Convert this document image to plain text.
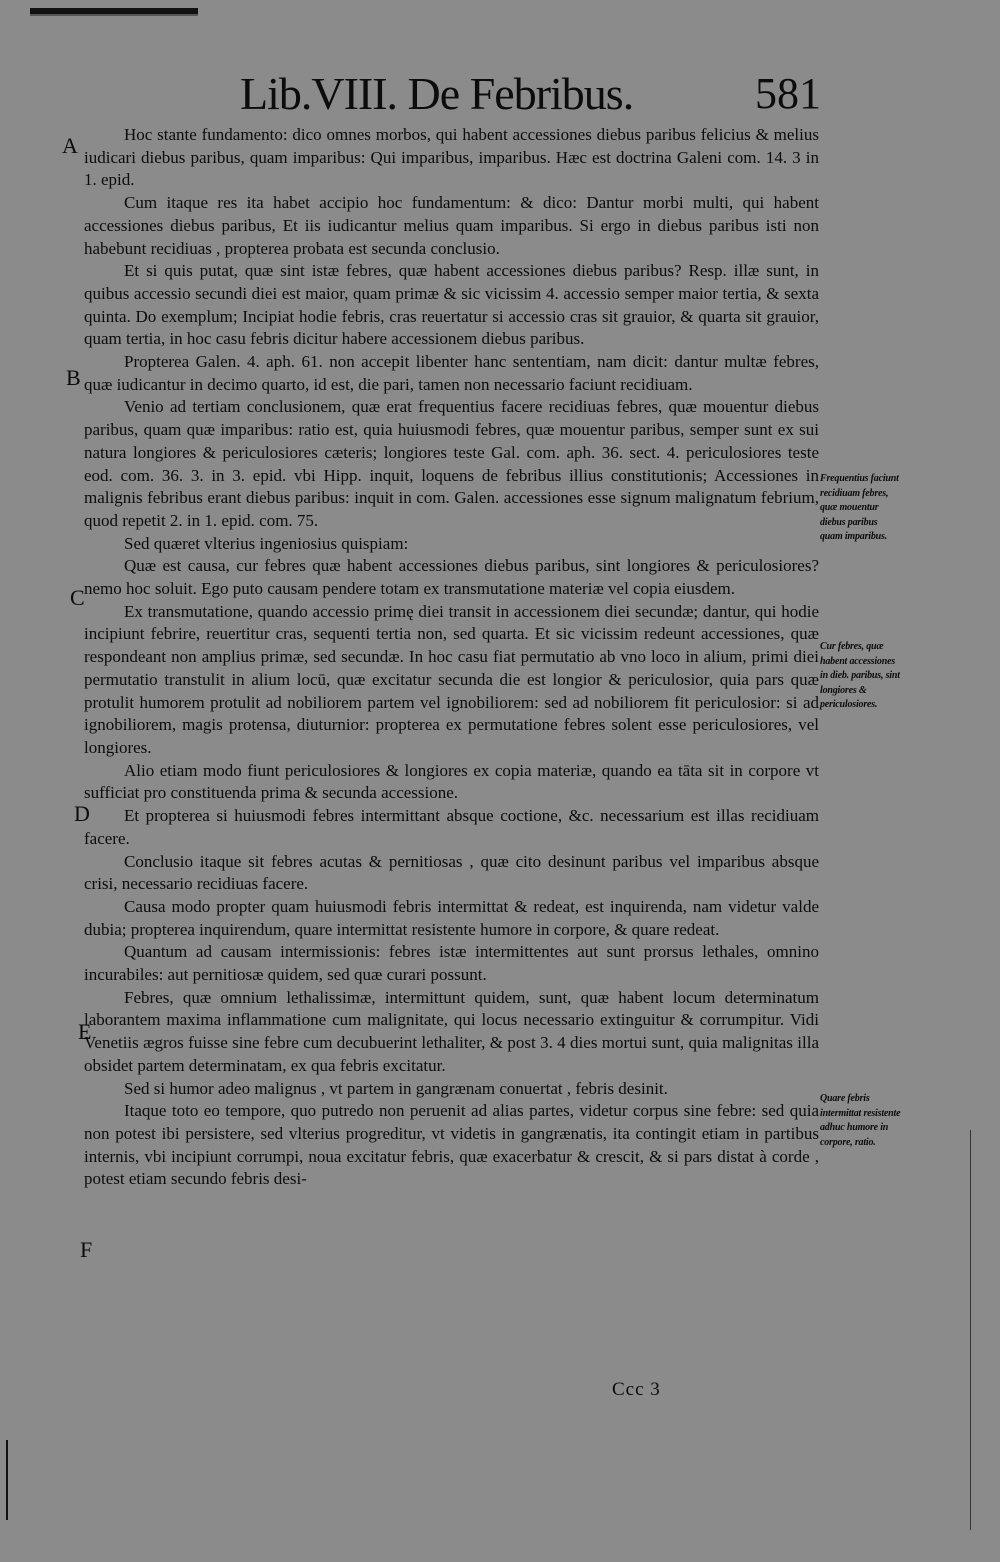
Lib.VIII. De Febribus.	581
A
B
C
D
E
F

Hoc stante fundamento: dico omnes morbos, qui habent accessiones diebus paribus felicius & melius iudicari diebus paribus, quam imparibus: Qui imparibus, imparibus. Hæc est doctrina Galeni com. 14. 3 in 1. epid.

Cum itaque res ita habet accipio hoc fundamentum: & dico: Dantur morbi multi, qui habent accessiones diebus paribus, Et iis iudicantur melius quam imparibus. Si ergo in diebus paribus isti non habebunt recidiuas , propterea probata est secunda conclusio.

Et si quis putat, quæ sint istæ febres, quæ habent accessiones diebus paribus? Resp. illæ sunt, in quibus accessio secundi diei est maior, quam primæ & sic vicissim 4. accessio semper maior tertia, & sexta quinta. Do exemplum; Incipiat hodie febris, cras reuertatur si accessio cras sit grauior, & quarta sit grauior, quam tertia, in hoc casu febris dicitur habere accessionem diebus paribus.

Propterea Galen. 4. aph. 61. non accepit libenter hanc sententiam, nam dicit: dantur multæ febres, quæ iudicantur in decimo quarto, id est, die pari, tamen non necessario faciunt recidiuam.

Venio ad tertiam conclusionem, quæ erat frequentius facere recidiuas febres, quæ mouentur diebus paribus, quam quæ imparibus: ratio est, quia huiusmodi febres, quæ mouentur paribus, semper sunt ex sui natura longiores & periculosiores cæteris; longiores teste Gal. com. aph. 36. sect. 4. periculosiores teste eod. com. 36. 3. in 3. epid. vbi Hipp. inquit, loquens de febribus illius constitutionis; Accessiones in malignis febribus erant diebus paribus: inquit in com. Galen. accessiones esse signum malignatum febrium, quod repetit 2. in 1. epid. com. 75.

Sed quæret vlterius ingeniosius quispiam:

Quæ est causa, cur febres quæ habent accessiones diebus paribus, sint longiores & periculosiores? nemo hoc soluit. Ego puto causam pendere totam ex transmutatione materiæ vel copia eiusdem.

Ex transmutatione, quando accessio primę diei transit in accessionem diei secundæ; dantur, qui hodie incipiunt febrire, reuertitur cras, sequenti tertia non, sed quarta. Et sic vicissim redeunt accessiones, quæ respondeant non amplius primæ, sed secundæ. In hoc casu fiat permutatio ab vno loco in alium, primi diei permutatio transtulit in alium locū, quæ excitatur secunda die est longior & periculosior, quia pars quæ protulit humorem protulit ad nobiliorem partem vel ignobiliorem: sed ad nobiliorem fit periculosior: si ad ignobiliorem, magis protensa, diuturnior: propterea ex permutatione febres solent esse periculosiores, vel longiores.

Alio etiam modo fiunt periculosiores & longiores ex copia materiæ, quando ea tāta sit in corpore vt sufficiat pro constituenda prima & secunda accessione.

Et propterea si huiusmodi febres intermittant absque coctione, &c. necessarium est illas recidiuam facere.

Conclusio itaque sit febres acutas & pernitiosas , quæ cito desinunt paribus vel imparibus absque crisi, necessario recidiuas facere.

Causa modo propter quam huiusmodi febris intermittat & redeat, est inquirenda, nam videtur valde dubia; propterea inquirendum, quare intermittat resistente humore in corpore, & quare redeat.

Quantum ad causam intermissionis: febres istæ intermittentes aut sunt prorsus lethales, omnino incurabiles: aut pernitiosæ quidem, sed quæ curari possunt.

Febres, quæ omnium lethalissimæ, intermittunt quidem, sunt, quæ habent locum determinatum laborantem maxima inflammatione cum malignitate, qui locus necessario extinguitur & corrumpitur. Vidi Venetiis ægros fuisse sine febre cum decubuerint lethaliter, & post 3. 4 dies mortui sunt, quia malignitas illa obsidet partem determinatam, ex qua febris excitatur.

Sed si humor adeo malignus , vt partem in gangrænam conuertat , febris desinit.

Itaque toto eo tempore, quo putredo non peruenit ad alias partes, videtur corpus sine febre: sed quia non potest ibi persistere, sed vlterius progreditur, vt videtis in gangrænatis, ita contingit etiam in partibus internis, vbi incipiunt corrumpi, noua excitatur febris, quæ exacerbatur & crescit, & si pars distat à corde , potest etiam secundo febris desi-

Frequentius faciunt recidiuam febres, quæ mouentur diebus paribus quam imparibus.
Cur febres, quæ habent accessiones in dieb. paribus, sint longiores & periculosiores.
Quare febris intermittat resistente adhuc humore in corpore, ratio.
Ccc 3
